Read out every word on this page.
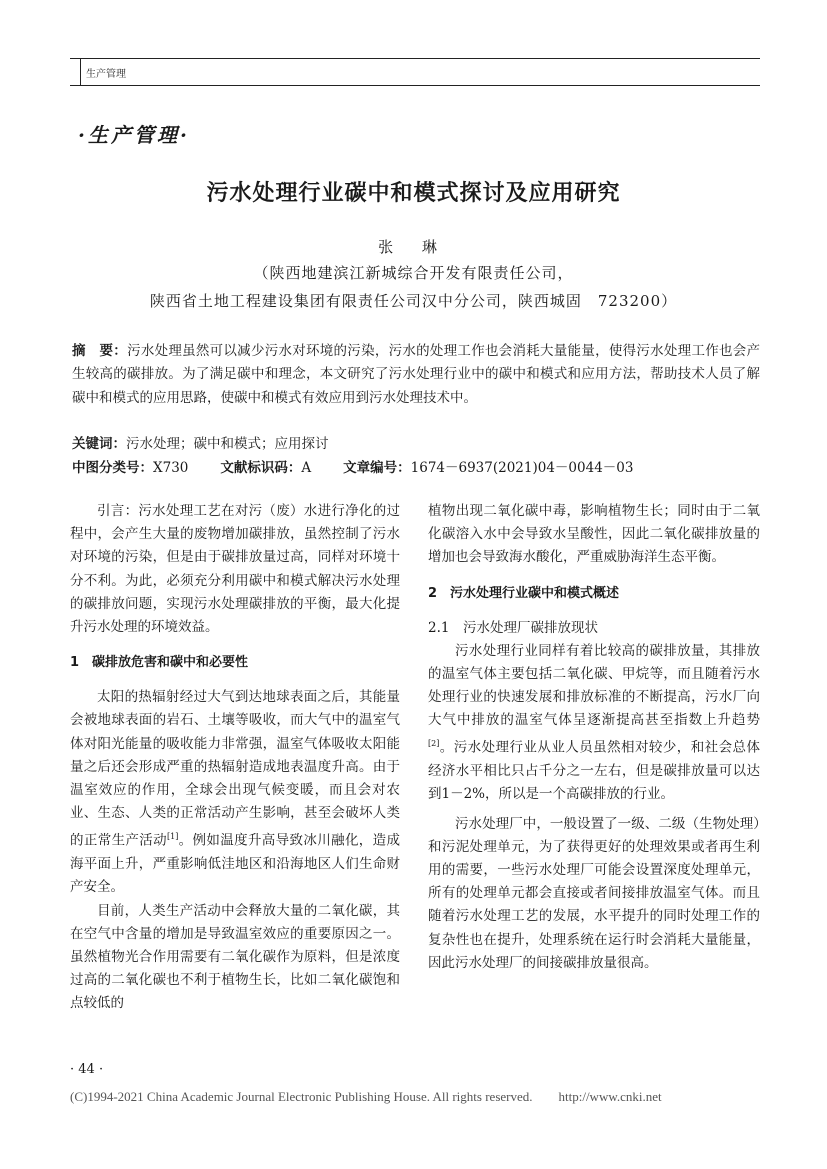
生产管理
·生产管理·
污水处理行业碳中和模式探讨及应用研究
张 琳
（陕西地建滨江新城综合开发有限责任公司，
陕西省土地工程建设集团有限责任公司汉中分公司，陕西城固　723200）
摘　要：污水处理虽然可以减少污水对环境的污染，污水的处理工作也会消耗大量能量，使得污水处理工作也会产生较高的碳排放。为了满足碳中和理念，本文研究了污水处理行业中的碳中和模式和应用方法，帮助技术人员了解碳中和模式的应用思路，使碳中和模式有效应用到污水处理技术中。
关键词：污水处理；碳中和模式；应用探讨
中图分类号：X730 文献标识码：A 文章编号：1674－6937(2021)04－0044－03

引言：污水处理工艺在对污（废）水进行净化的过程中，会产生大量的废物增加碳排放，虽然控制了污水对环境的污染，但是由于碳排放量过高，同样对环境十分不利。为此，必须充分利用碳中和模式解决污水处理的碳排放问题，实现污水处理碳排放的平衡，最大化提升污水处理的环境效益。

1　碳排放危害和碳中和必要性

太阳的热辐射经过大气到达地球表面之后，其能量会被地球表面的岩石、土壤等吸收，而大气中的温室气体对阳光能量的吸收能力非常强，温室气体吸收太阳能量之后还会形成严重的热辐射造成地表温度升高。由于温室效应的作用，全球会出现气候变暖，而且会对农业、生态、人类的正常活动产生影响，甚至会破坏人类的正常生产活动[1]。例如温度升高导致冰川融化，造成海平面上升，严重影响低洼地区和沿海地区人们生命财产安全。

目前，人类生产活动中会释放大量的二氧化碳，其在空气中含量的增加是导致温室效应的重要原因之一。虽然植物光合作用需要有二氧化碳作为原料，但是浓度过高的二氧化碳也不利于植物生长，比如二氧化碳饱和点较低的

植物出现二氧化碳中毒，影响植物生长；同时由于二氧化碳溶入水中会导致水呈酸性，因此二氧化碳排放量的增加也会导致海水酸化，严重威胁海洋生态平衡。

2　污水处理行业碳中和模式概述
2.1　污水处理厂碳排放现状

污水处理行业同样有着比较高的碳排放量，其排放的温室气体主要包括二氧化碳、甲烷等，而且随着污水处理行业的快速发展和排放标准的不断提高，污水厂向大气中排放的温室气体呈逐渐提高甚至指数上升趋势[2]。污水处理行业从业人员虽然相对较少，和社会总体经济水平相比只占千分之一左右，但是碳排放量可以达到1－2%，所以是一个高碳排放的行业。

污水处理厂中，一般设置了一级、二级（生物处理）和污泥处理单元，为了获得更好的处理效果或者再生利用的需要，一些污水处理厂可能会设置深度处理单元，所有的处理单元都会直接或者间接排放温室气体。而且随着污水处理工艺的发展，水平提升的同时处理工作的复杂性也在提升，处理系统在运行时会消耗大量能量，因此污水处理厂的间接碳排放量很高。

· 44 ·
(C)1994-2021 China Academic Journal Electronic Publishing House. All rights reserved.　　http://www.cnki.net
